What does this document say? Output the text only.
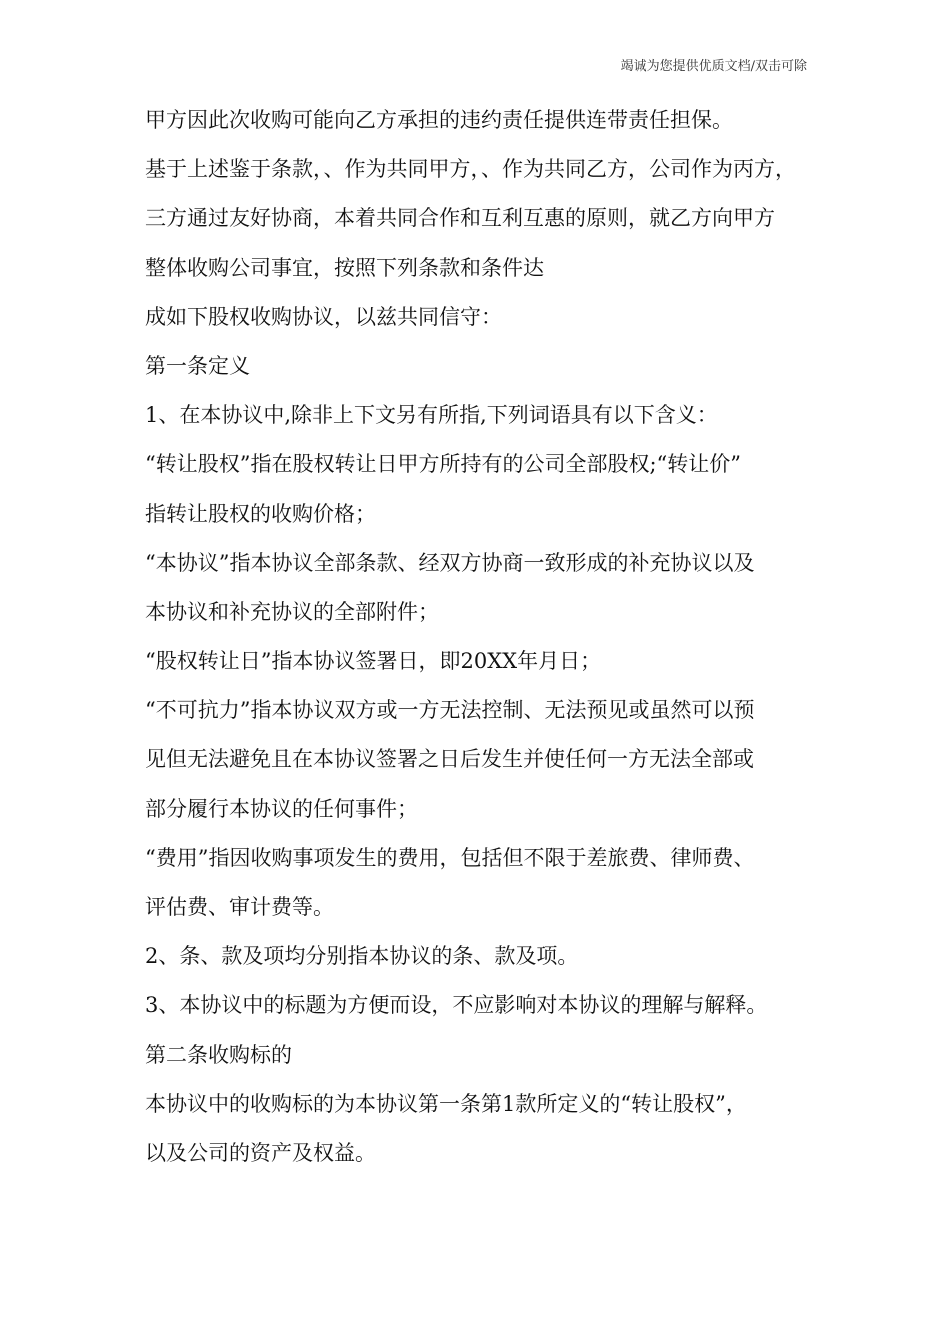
竭诚为您提供优质文档/双击可除
甲方因此次收购可能向乙方承担的违约责任提供连带责任担保。
基于上述鉴于条款，、作为共同甲方，、作为共同乙方，公司作为丙方，
三方通过友好协商，本着共同合作和互利互惠的原则，就乙方向甲方
整体收购公司事宜，按照下列条款和条件达
成如下股权收购协议，以兹共同信守：
第一条定义
1、在本协议中,除非上下文另有所指,下列词语具有以下含义：
“转让股权”指在股权转让日甲方所持有的公司全部股权;“转让价”
指转让股权的收购价格；
“本协议”指本协议全部条款、经双方协商一致形成的补充协议以及
本协议和补充协议的全部附件；
“股权转让日”指本协议签署日，即20XX年月日；
“不可抗力”指本协议双方或一方无法控制、无法预见或虽然可以预
见但无法避免且在本协议签署之日后发生并使任何一方无法全部或
部分履行本协议的任何事件；
“费用”指因收购事项发生的费用，包括但不限于差旅费、律师费、
评估费、审计费等。
2、条、款及项均分别指本协议的条、款及项。
3、本协议中的标题为方便而设，不应影响对本协议的理解与解释。
第二条收购标的
本协议中的收购标的为本协议第一条第1款所定义的“转让股权”，
以及公司的资产及权益。
